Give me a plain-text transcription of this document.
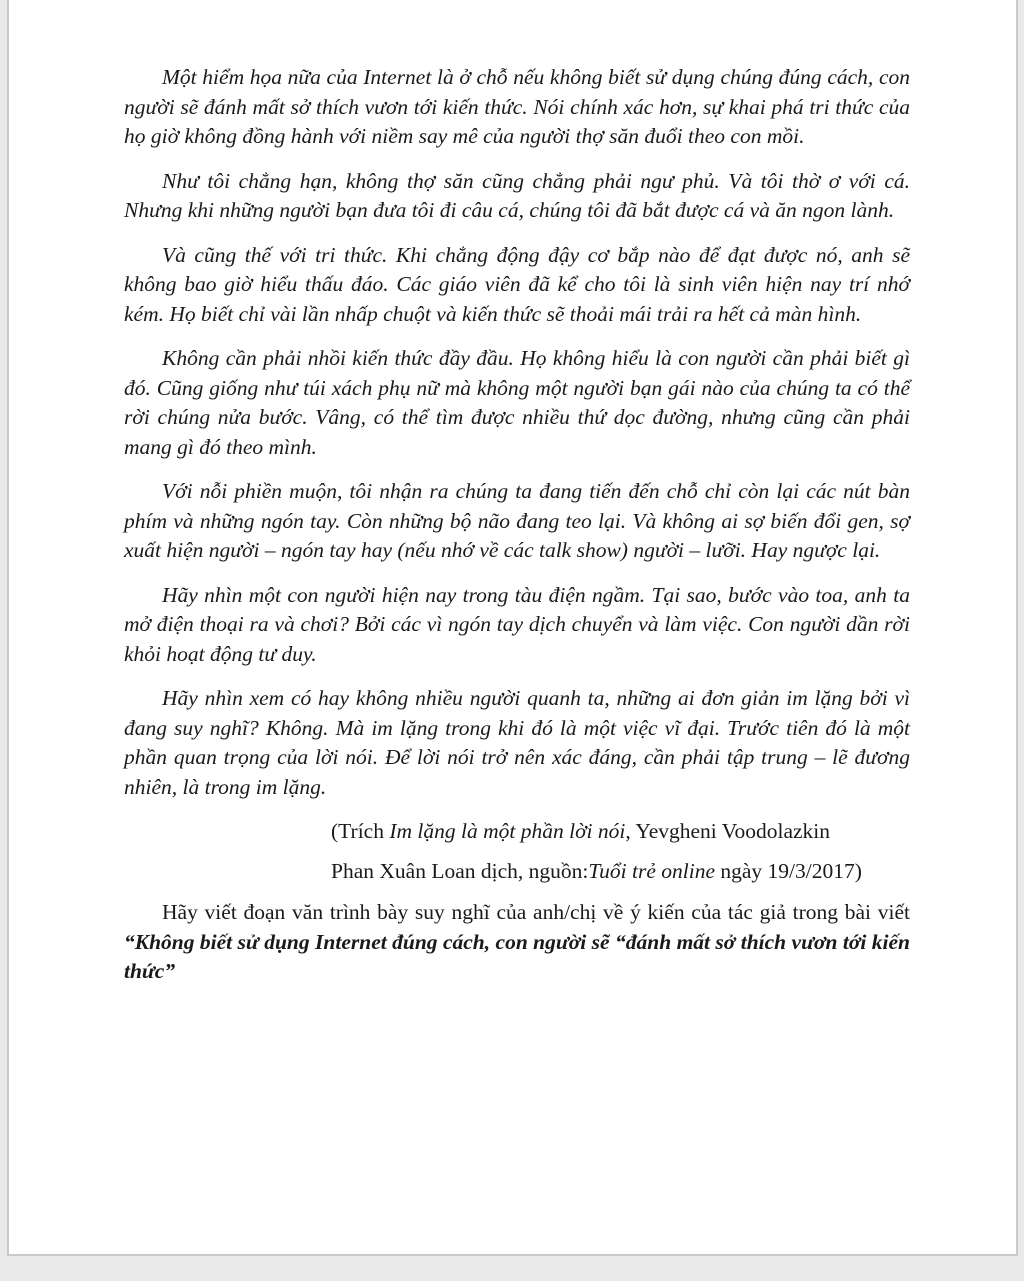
Một hiểm họa nữa của Internet là ở chỗ nếu không biết sử dụng chúng đúng cách, con người sẽ đánh mất sở thích vươn tới kiến thức. Nói chính xác hơn, sự khai phá tri thức của họ giờ không đồng hành với niềm say mê của người thợ săn đuổi theo con mồi.

Như tôi chẳng hạn, không thợ săn cũng chẳng phải ngư phủ. Và tôi thờ ơ với cá. Nhưng khi những người bạn đưa tôi đi câu cá, chúng tôi đã bắt được cá và ăn ngon lành.

Và cũng thế với tri thức. Khi chẳng động đậy cơ bắp nào để đạt được nó, anh sẽ không bao giờ hiểu thấu đáo. Các giáo viên đã kể cho tôi là sinh viên hiện nay trí nhớ kém. Họ biết chỉ vài lần nhấp chuột và kiến thức sẽ thoải mái trải ra hết cả màn hình.

Không cần phải nhồi kiến thức đầy đầu. Họ không hiểu là con người cần phải biết gì đó. Cũng giống như túi xách phụ nữ mà không một người bạn gái nào của chúng ta có thể rời chúng nửa bước. Vâng, có thể tìm được nhiều thứ dọc đường, nhưng cũng cần phải mang gì đó theo mình.

Với nỗi phiền muộn, tôi nhận ra chúng ta đang tiến đến chỗ chỉ còn lại các nút bàn phím và những ngón tay. Còn những bộ não đang teo lại. Và không ai sợ biến đổi gen, sợ xuất hiện người – ngón tay hay (nếu nhớ về các talk show) người – lưỡi. Hay ngược lại.

Hãy nhìn một con người hiện nay trong tàu điện ngầm. Tại sao, bước vào toa, anh ta mở điện thoại ra và chơi? Bởi các vì ngón tay dịch chuyển và làm việc. Con người dần rời khỏi hoạt động tư duy.

Hãy nhìn xem có hay không nhiều người quanh ta, những ai đơn giản im lặng bởi vì đang suy nghĩ? Không. Mà im lặng trong khi đó là một việc vĩ đại. Trước tiên đó là một phần quan trọng của lời nói. Để lời nói trở nên xác đáng, cần phải tập trung – lẽ đương nhiên, là trong im lặng.

(Trích Im lặng là một phần lời nói, Yevgheni Voodolazkin

Phan Xuân Loan dịch, nguồn:Tuổi trẻ online ngày 19/3/2017)

Hãy viết đoạn văn trình bày suy nghĩ của anh/chị về ý kiến của tác giả trong bài viết “Không biết sử dụng Internet đúng cách, con người sẽ “đánh mất sở thích vươn tới kiến thức”
